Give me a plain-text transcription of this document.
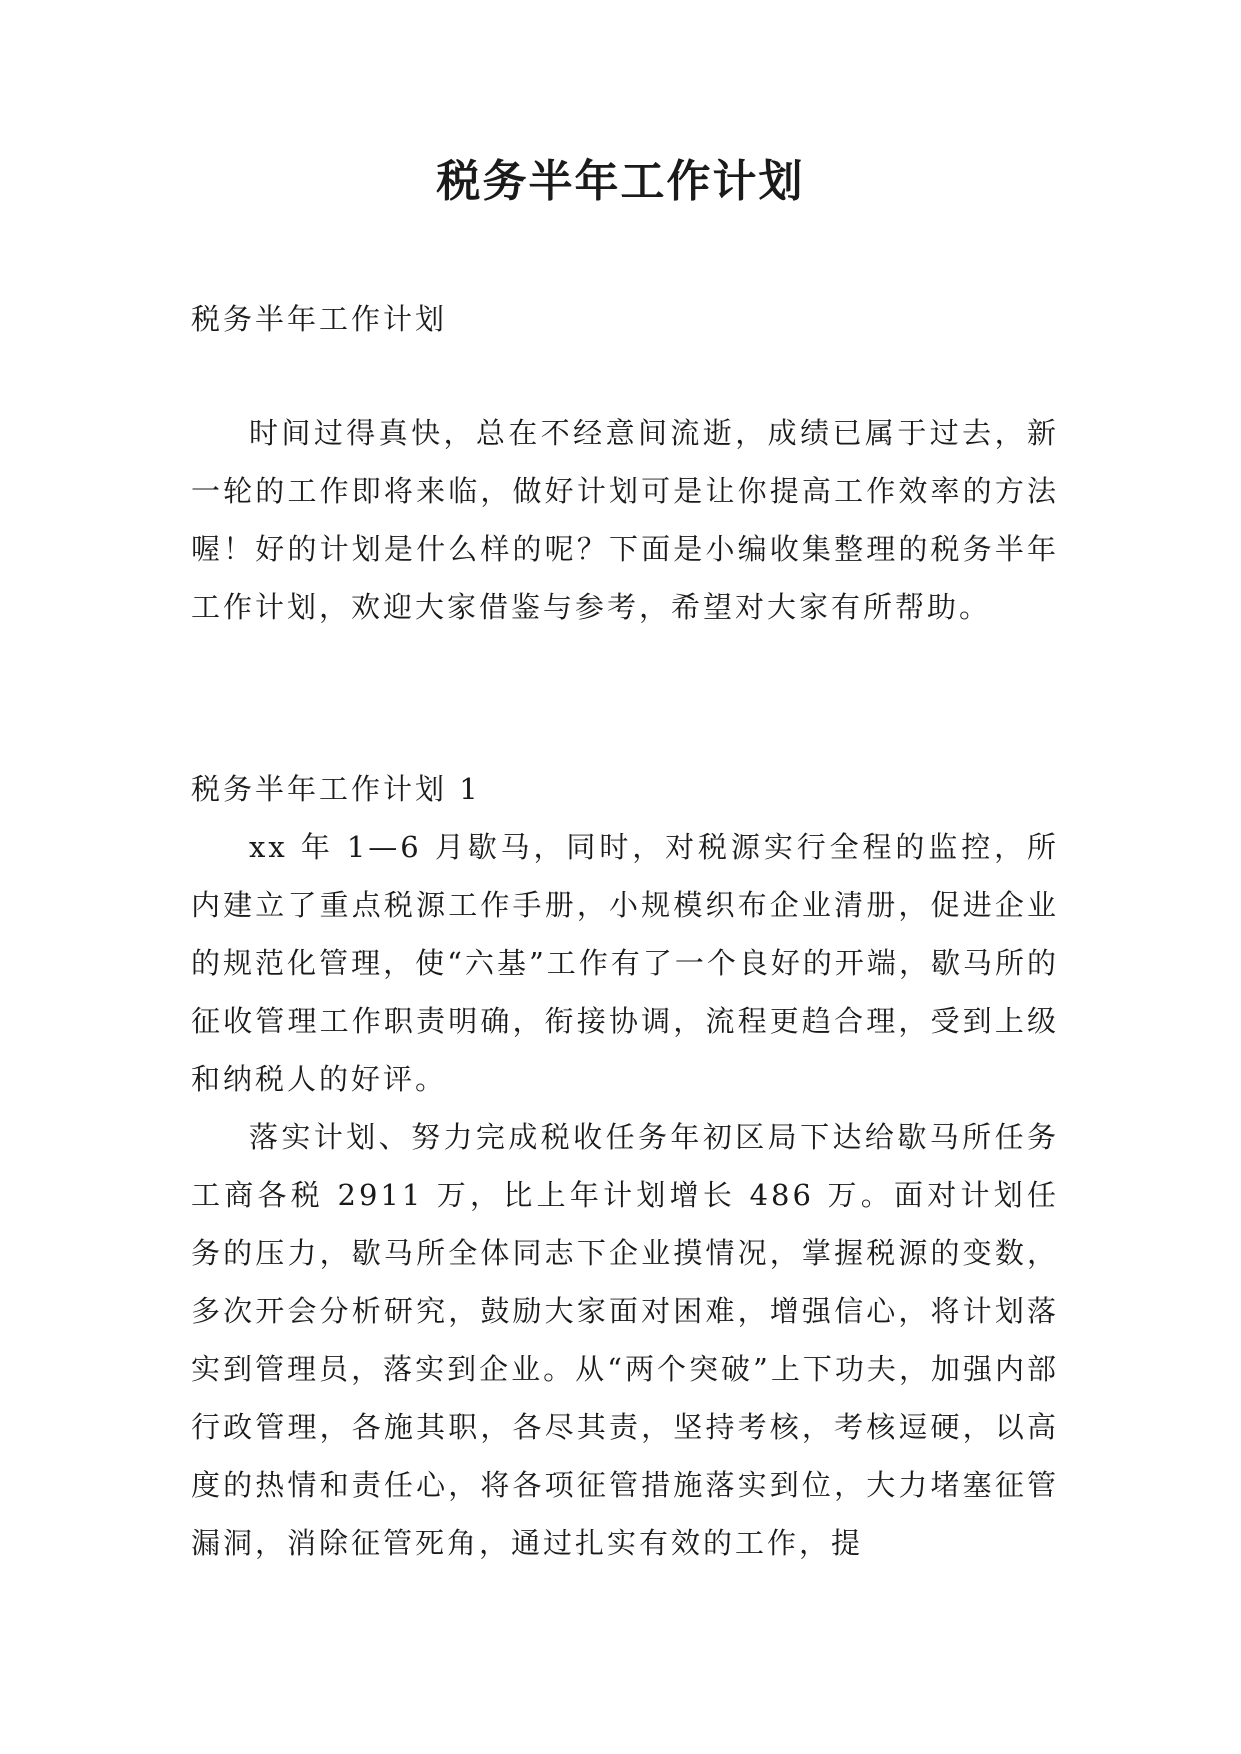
税务半年工作计划

税务半年工作计划

时间过得真快，总在不经意间流逝，成绩已属于过去，新一轮的工作即将来临，做好计划可是让你提高工作效率的方法喔！好的计划是什么样的呢？下面是小编收集整理的税务半年工作计划，欢迎大家借鉴与参考，希望对大家有所帮助。

税务半年工作计划 1

xx 年 1—6 月歇马，同时，对税源实行全程的监控，所内建立了重点税源工作手册，小规模织布企业清册，促进企业的规范化管理，使“六基”工作有了一个良好的开端，歇马所的征收管理工作职责明确，衔接协调，流程更趋合理，受到上级和纳税人的好评。

落实计划、努力完成税收任务年初区局下达给歇马所任务工商各税 2911 万，比上年计划增长 486 万。面对计划任务的压力，歇马所全体同志下企业摸情况，掌握税源的变数，多次开会分析研究，鼓励大家面对困难，增强信心，将计划落实到管理员，落实到企业。从“两个突破”上下功夫，加强内部行政管理，各施其职，各尽其责，坚持考核，考核逗硬，以高度的热情和责任心，将各项征管措施落实到位，大力堵塞征管漏洞，消除征管死角，通过扎实有效的工作，提
